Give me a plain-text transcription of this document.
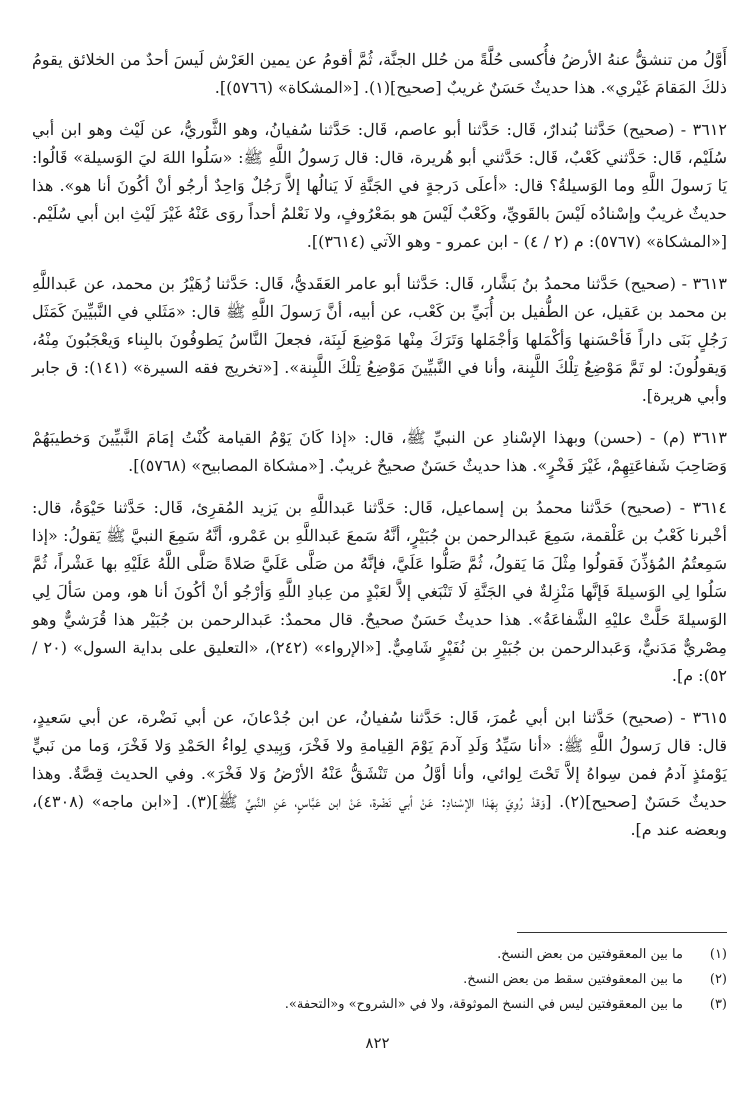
أَوَّلُ من تنشقُّ عنهُ الأرضُ فأُكسى حُلَّةً من حُلل الجنَّة، ثُمَّ أقومُ عن يمين العَرْش لَيسَ أحدٌ من الخلائق يقومُ ذلكَ المَقامَ غَيْري». هذا حديثٌ حَسَنٌ غريبٌ [صحيح](١). [«المشكاة» (٥٧٦٦)].

٣٦١٢ - (صحيح) حَدَّثنا بُندارٌ، قَال: حَدَّثنا أبو عاصم، قَال: حَدَّثنا سُفيانُ، وهو الثَّوريُّ، عن لَيْث وهو ابن أبي سُلَيْم، قَال: حَدَّثني كَعْبٌ، قَال: حَدَّثني أبو هُريرة، قال: قال رَسولُ اللَّهِ ﷺ: «سَلُوا اللهَ ليَ الوَسيلة» قَالُوا: يَا رَسولَ اللَّهِ وما الوَسيلةُ؟ قال: «أعلَى دَرجةٍ في الجَنَّةِ لَا يَنالُها إلاَّ رَجُلٌ وَاحِدٌ أرجُو أنْ أكُونَ أنا هو». هذا حديثٌ غريبٌ وإسْنادُه لَيْسَ بالقَويِّ، وكَعْبٌ لَيْسَ هو بمَعْرُوفٍ، ولا نَعْلمُ أحداً روَى عَنْهُ غَيْرَ لَيْثِ ابن أبي سُلَيْم. [«المشكاة» (٥٧٦٧): م (٢ / ٤) - ابن عمرو - وهو الآتي (٣٦١٤)].

٣٦١٣ - (صحيح) حَدَّثنا محمدُ بنُ بَشَّار، قَال: حَدَّثنا أبو عامر العَقَديُّ، قَال: حَدَّثنا زُهَيْرُ بن محمد، عن عَبداللَّهِ بن محمد بن عَقيل، عن الطُّفيل بن أُبَيِّ بن كَعْب، عن أبيه، أنَّ رَسولَ اللَّهِ ﷺ قال: «مَثَلي في النَّبيِّينَ كَمَثَل رَجُلٍ بَنَى داراً فَأحْسَنها وَأكْمَلها وَأجْمَلها وَتَرَكَ مِنْها مَوْضِعَ لَبِنَة، فجعلَ النَّاسُ يَطوفُونَ بالبِناء وَيعْجَبُونَ مِنْهُ، وَيقولُونَ: لو تَمَّ مَوْضِعُ تِلْكَ اللَّبِنة، وأنا في النَّبيِّينَ مَوْضِعُ تِلْكَ اللَّبِنة». [«تخريج فقه السيرة» (١٤١): ق جابر وأبي هريرة].

٣٦١٣ (م) - (حسن) وبهذا الإسْنادِ عن النبيِّ ﷺ، قال: «إذا كَانَ يَوْمُ القيامة كُنْتُ إمَامَ النَّبيِّينَ وَخطيبَهُمْ وَصَاحِبَ شَفاعَتِهِمْ، غَيْرَ فَخْرٍ». هذا حديثٌ حَسَنٌ صحيحٌ غريبٌ. [«مشكاة المصابيح» (٥٧٦٨)].

٣٦١٤ - (صحيح) حَدَّثنا محمدُ بن إسماعيل، قَال: حَدَّثنا عَبداللَّهِ بن يَزيد المُقرِئ، قَال: حَدَّثنا حَيْوَةُ، قال: أخْبرنا كَعْبُ بن عَلْقمة، سَمِعَ عَبدالرحمن بن جُبَيْرٍ، أنَّهُ سَمعَ عَبداللَّهِ بن عَمْرو، أنَّهُ سَمِعَ النبيَّ ﷺ يَقولُ: «إذا سَمِعتُمُ المُؤذِّنَ فَقولُوا مِثْلَ مَا يَقولُ، ثُمَّ صَلُّوا عَلَيَّ، فإنَّهُ من صَلَّى عَلَيَّ صَلاةً صَلَّى اللَّهُ عَلَيْهِ بها عَشْراً، ثُمَّ سَلُوا لِي الوَسيلةَ فَإنَّها مَنْزِلةٌ في الجَنَّةِ لَا تَنْبَغي إلاَّ لعَبْدٍ من عِبادِ اللَّهِ وَأرْجُو أنْ أكُونَ أنا هو، ومن سَألَ لِي الوَسيلةَ حَلَّتْ عليْهِ الشَّفاعَةُ». هذا حديثٌ حَسَنٌ صحيحٌ. قال محمدٌ: عَبدالرحمن بن جُبَيْر هذا قُرَشيٌّ وهو مِصْريٌّ مَدَنيٌّ، وَعَبدالرحمن بن جُبَيْرِ بن نُفَيْرٍ شَامِيٌّ. [«الإرواء» (٢٤٢)، «التعليق على بداية السول» (٢٠ / ٥٢): م].

٣٦١٥ - (صحيح) حَدَّثنا ابن أبي عُمرَ، قَال: حَدَّثنا سُفيانُ، عن ابن جُدْعانَ، عن أبي نَضْرة، عن أبي سَعيدٍ، قال: قال رَسولُ اللَّهِ ﷺ: «أنا سَيِّدُ وَلَدِ آدمَ يَوْمَ القِيامةِ ولا فَخْرَ، وَبِيدي لِواءُ الحَمْدِ وَلا فَخْرَ، وَما من نَبيٍّ يَوْمئذٍ آدمُ فمن سِواهُ إلاَّ تَحْتَ لِوائي، وأنا أوَّلُ من تَنْشَقُّ عَنْهُ الأرْضُ وَلا فَخْرَ». وفي الحديث قِصَّةٌ. وهذا حديثٌ حَسَنٌ [صحيح](٢). [وَقدْ رُوِيَ بِهَذا الإسْنادِ: عَنْ أبي نَضْرة، عَنْ ابن عَبَّاسٍ، عَنِ النَّبيِّ ﷺ](٣). [«ابن ماجه» (٤٣٠٨)، وبعضه عند م].

(١)
ما بين المعقوفتين من بعض النسخ.
(٢)
ما بين المعقوفتين سقط من بعض النسخ.
(٣)
ما بين المعقوفتين ليس في النسخ الموثوقة، ولا في «الشروح» و«التحفة».
٨٢٢
